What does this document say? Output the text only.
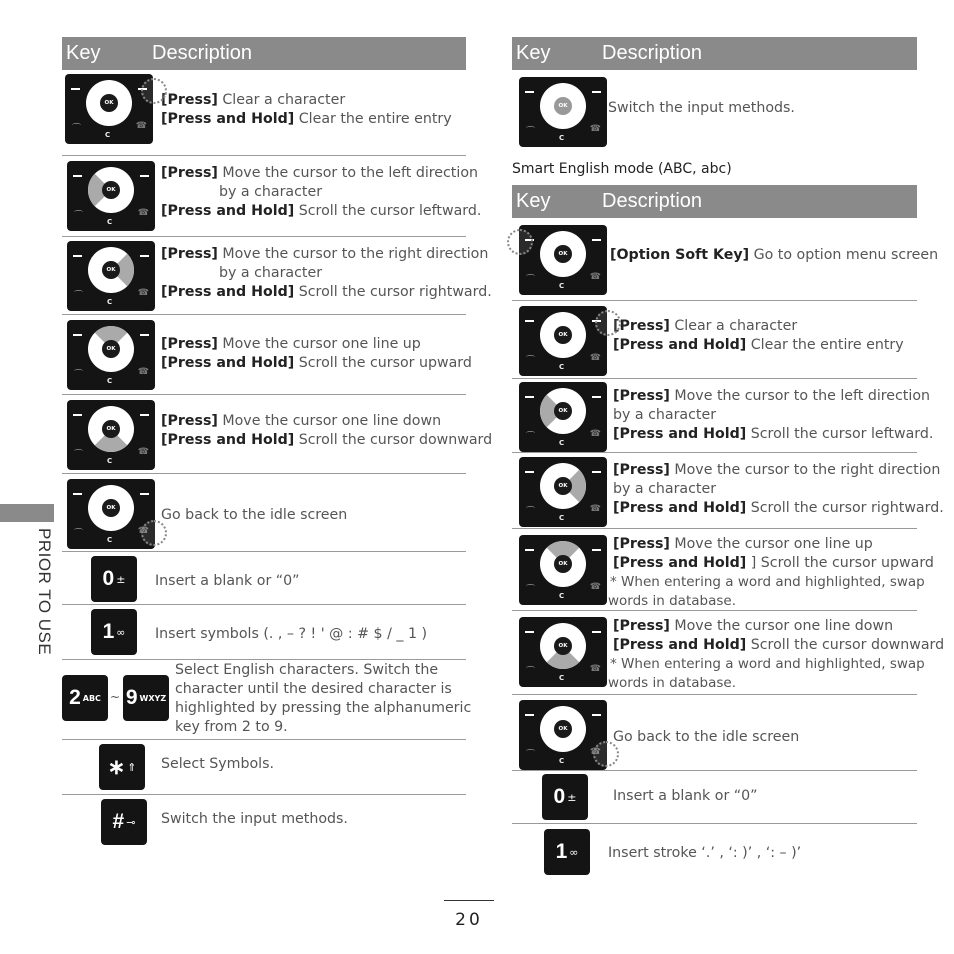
Key	Description
OK
⌒	☎
C
[Press] Clear a character
[Press and Hold] Clear the entire entry
OK
⌒	☎
C
[Press] Move the cursor to the left direction
by a character
[Press and Hold] Scroll the cursor leftward.
OK
⌒	☎
C
[Press] Move the cursor to the right direction
by a character
[Press and Hold] Scroll the cursor rightward.
OK
⌒	☎
C
[Press] Move the cursor one line up
[Press and Hold] Scroll the cursor upward
OK
⌒	☎
C
[Press] Move the cursor one line down
[Press and Hold] Scroll the cursor downward
OK
⌒	☎
C
Go back to the idle screen
0 ± Insert a blank or “0”
1 ∞ Insert symbols (. , – ? ! ' @ : # $ / _ 1 )
2 ABC ~ 9 WXYZ
Select English characters. Switch the
character until the desired character is
highlighted by pressing the alphanumeric
key from 2 to 9.
∗ ⇑ Select Symbols.
# ⊸ Switch the input methods.
Key	Description
OK
⌒	☎
C
Switch the input methods.
Smart English mode (ABC, abc)
Key	Description
OK
⌒	☎
C
[Option Soft Key] Go to option menu screen
OK
⌒	☎
C
[Press] Clear a character
[Press and Hold] Clear the entire entry
OK
⌒	☎
C
[Press] Move the cursor to the left direction
by a character
[Press and Hold] Scroll the cursor leftward.
OK
⌒	☎
C
[Press] Move the cursor to the right direction
by a character
[Press and Hold] Scroll the cursor rightward.
OK
⌒	☎
C
[Press] Move the cursor one line up
[Press and Hold] ] Scroll the cursor upward
* When entering a word and highlighted, swap
words in database.
OK
⌒	☎
C
[Press] Move the cursor one line down
[Press and Hold] Scroll the cursor downward
* When entering a word and highlighted, swap
words in database.
OK
⌒	☎
C
Go back to the idle screen
0 ±	Insert a blank or “0”
1 ∞ Insert stroke ‘.’ , ‘: )’ , ‘: – )’
PRIOR TO USE
20
